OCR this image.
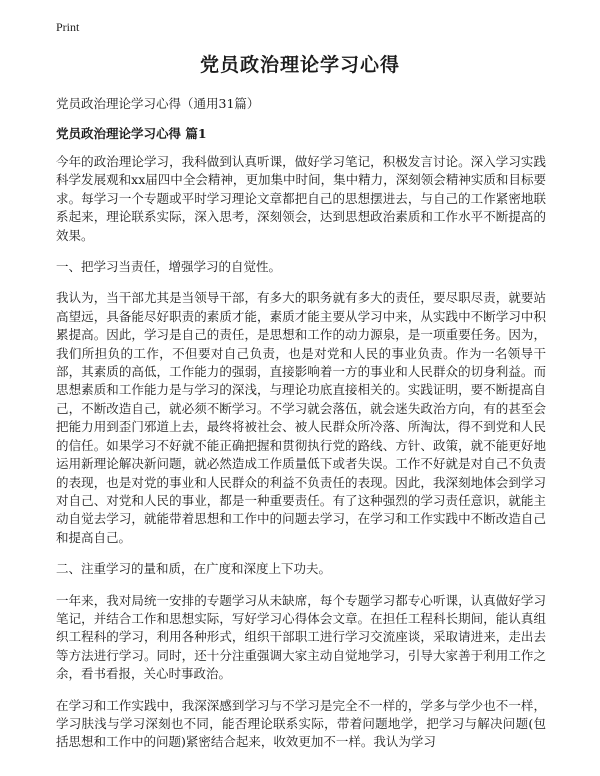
Print
党员政治理论学习心得
党员政治理论学习心得（通用31篇）
党员政治理论学习心得 篇1

今年的政治理论学习，我科做到认真听课，做好学习笔记，积极发言讨论。深入学习实践科学发展观和xx届四中全会精神，更加集中时间，集中精力，深刻领会精神实质和目标要求。每学习一个专题或平时学习理论文章都把自己的思想摆进去，与自己的工作紧密地联系起来，理论联系实际，深入思考，深刻领会，达到思想政治素质和工作水平不断提高的效果。

一、把学习当责任，增强学习的自觉性。

我认为，当干部尤其是当领导干部，有多大的职务就有多大的责任，要尽职尽责，就要站高望远，具备能尽好职责的素质才能，素质才能主要从学习中来，从实践中不断学习中积累提高。因此，学习是自己的责任，是思想和工作的动力源泉，是一项重要任务。因为，我们所担负的工作，不但要对自己负责，也是对党和人民的事业负责。作为一名领导干部，其素质的高低，工作能力的强弱，直接影响着一方的事业和人民群众的切身利益。而思想素质和工作能力是与学习的深浅，与理论功底直接相关的。实践证明，要不断提高自己，不断改造自己，就必须不断学习。不学习就会落伍，就会迷失政治方向，有的甚至会把能力用到歪门邪道上去，最终将被社会、被人民群众所冷落、所淘汰，得不到党和人民的信任。如果学习不好就不能正确把握和贯彻执行党的路线、方针、政策，就不能更好地运用新理论解决新问题，就必然造成工作质量低下或者失误。工作不好就是对自己不负责的表现，也是对党的事业和人民群众的利益不负责任的表现。因此，我深刻地体会到学习对自己、对党和人民的事业，都是一种重要责任。有了这种强烈的学习责任意识，就能主动自觉去学习，就能带着思想和工作中的问题去学习，在学习和工作实践中不断改造自己和提高自己。

二、注重学习的量和质，在广度和深度上下功夫。

一年来，我对局统一安排的专题学习从未缺席，每个专题学习都专心听课，认真做好学习笔记，并结合工作和思想实际，写好学习心得体会文章。在担任工程科长期间，能认真组织工程科的学习，利用各种形式，组织干部职工进行学习交流座谈，采取请进来，走出去等方法进行学习。同时，还十分注重强调大家主动自觉地学习，引导大家善于利用工作之余，看书看报，关心时事政治。

在学习和工作实践中，我深深感到学习与不学习是完全不一样的，学多与学少也不一样，学习肤浅与学习深刻也不同，能否理论联系实际，带着问题地学，把学习与解决问题(包括思想和工作中的问题)紧密结合起来，收效更加不一样。我认为学习
